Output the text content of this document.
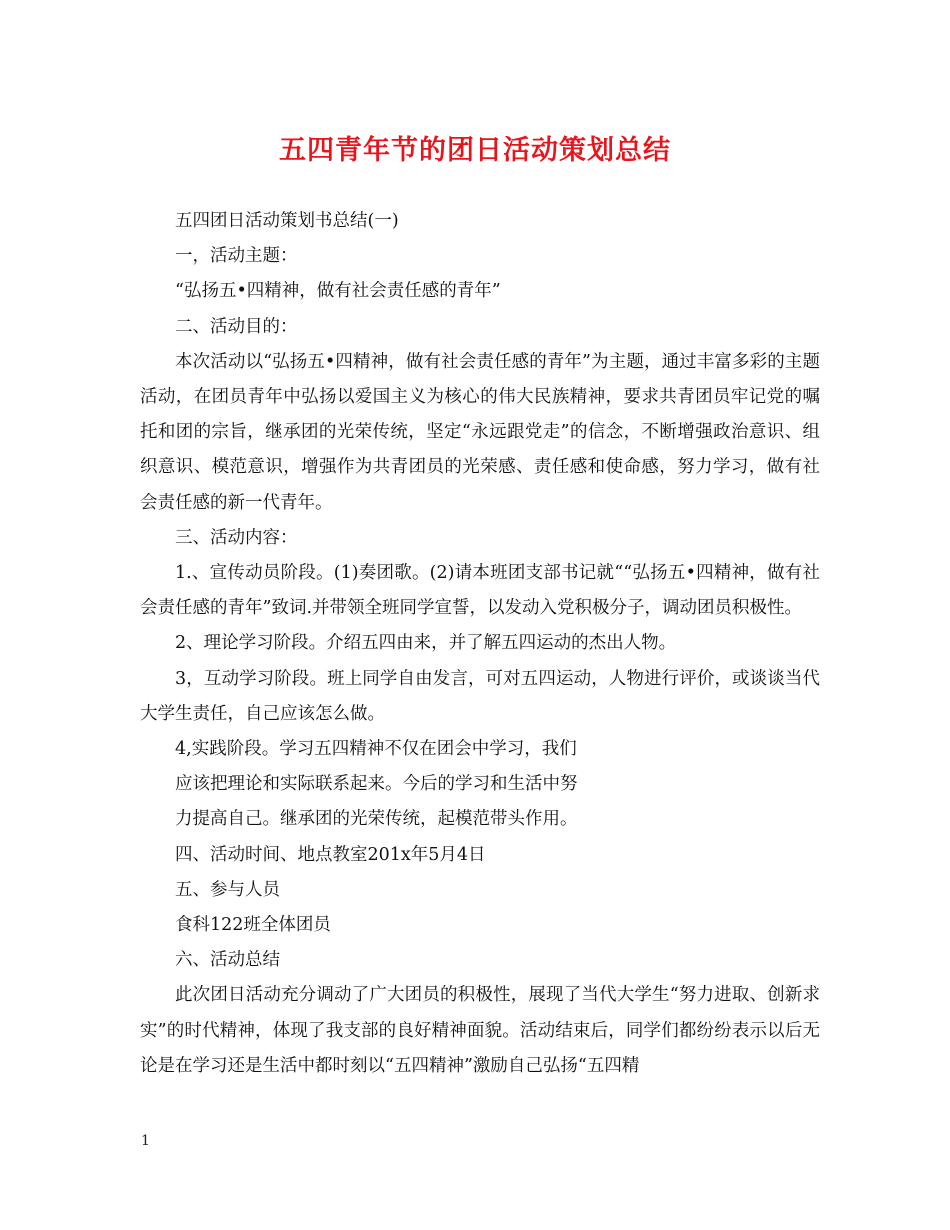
五四青年节的团日活动策划总结

五四团日活动策划书总结(一)

一，活动主题：

“弘扬五•四精神，做有社会责任感的青年”

二、活动目的：

本次活动以“弘扬五•四精神，做有社会责任感的青年”为主题，通过丰富多彩的主题活动，在团员青年中弘扬以爱国主义为核心的伟大民族精神，要求共青团员牢记党的嘱托和团的宗旨，继承团的光荣传统，坚定“永远跟党走”的信念，不断增强政治意识、组织意识、模范意识，增强作为共青团员的光荣感、责任感和使命感，努力学习，做有社会责任感的新一代青年。

三、活动内容：

1.、宣传动员阶段。(1)奏团歌。(2)请本班团支部书记就““弘扬五•四精神，做有社会责任感的青年”致词.并带领全班同学宣誓，以发动入党积极分子，调动团员积极性。

2、理论学习阶段。介绍五四由来，并了解五四运动的杰出人物。

3，互动学习阶段。班上同学自由发言，可对五四运动，人物进行评价，或谈谈当代大学生责任，自己应该怎么做。

4,实践阶段。学习五四精神不仅在团会中学习，我们

应该把理论和实际联系起来。今后的学习和生活中努

力提高自己。继承团的光荣传统，起模范带头作用。

四、活动时间、地点教室201x年5月4日

五、参与人员

食科122班全体团员

六、活动总结

此次团日活动充分调动了广大团员的积极性，展现了当代大学生“努力进取、创新求实”的时代精神，体现了我支部的良好精神面貌。活动结束后，同学们都纷纷表示以后无论是在学习还是生活中都时刻以“五四精神”激励自己弘扬“五四精

1
